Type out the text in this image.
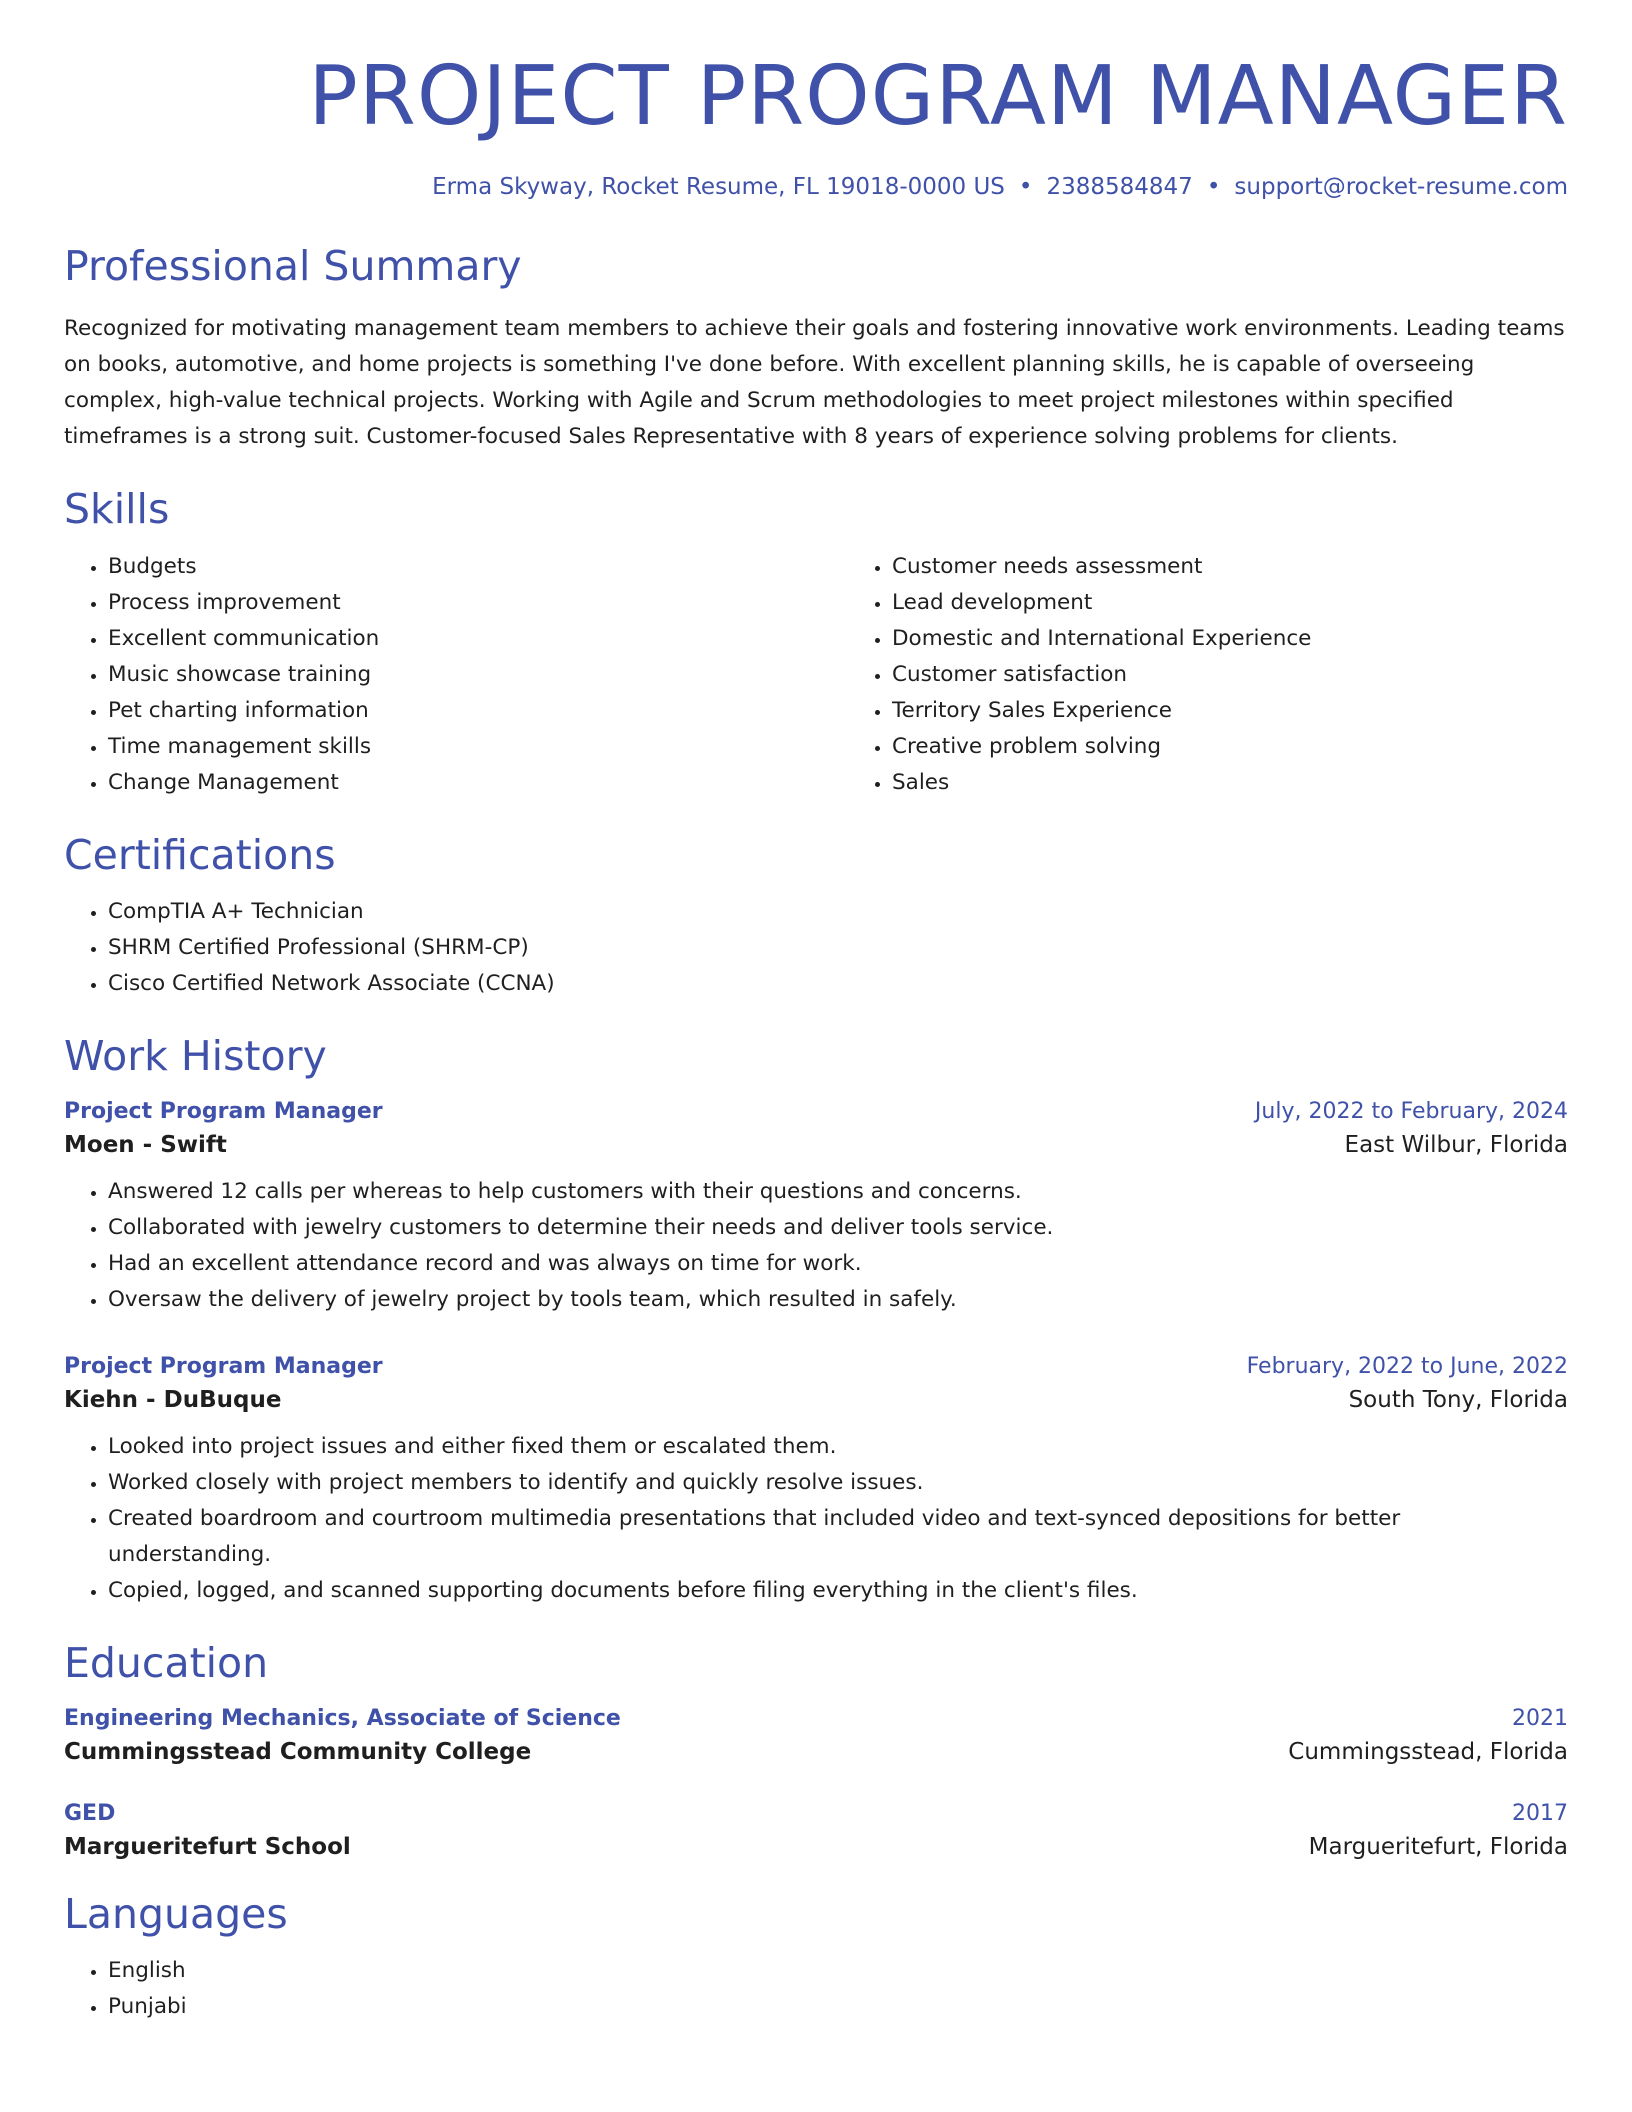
PROJECT PROGRAM MANAGER
Erma Skyway, Rocket Resume, FL 19018-0000 US • 2388584847 • support@rocket-resume.com
Professional Summary
Recognized for motivating management team members to achieve their goals and fostering innovative work environments. Leading teams on books, automotive, and home projects is something I've done before. With excellent planning skills, he is capable of overseeing complex, high-value technical projects. Working with Agile and Scrum methodologies to meet project milestones within specified timeframes is a strong suit. Customer-focused Sales Representative with 8 years of experience solving problems for clients.
Skills
• Budgets
• Process improvement
• Excellent communication
• Music showcase training
• Pet charting information
• Time management skills
• Change Management
• Customer needs assessment
• Lead development
• Domestic and International Experience
• Customer satisfaction
• Territory Sales Experience
• Creative problem solving
• Sales
Certifications
• CompTIA A+ Technician
• SHRM Certified Professional (SHRM-CP)
• Cisco Certified Network Associate (CCNA)
Work History
Project Program Manager	July, 2022 to February, 2024
Moen - Swift	East Wilbur, Florida
• Answered 12 calls per whereas to help customers with their questions and concerns.
• Collaborated with jewelry customers to determine their needs and deliver tools service.
• Had an excellent attendance record and was always on time for work.
• Oversaw the delivery of jewelry project by tools team, which resulted in safely.
Project Program Manager	February, 2022 to June, 2022
Kiehn - DuBuque	South Tony, Florida
• Looked into project issues and either fixed them or escalated them.
• Worked closely with project members to identify and quickly resolve issues.
• Created boardroom and courtroom multimedia presentations that included video and text-synced depositions for better understanding.
• Copied, logged, and scanned supporting documents before filing everything in the client's files.
Education
Engineering Mechanics, Associate of Science	2021
Cummingsstead Community College	Cummingsstead, Florida
GED	2017
Margueritefurt School	Margueritefurt, Florida
Languages
• English
• Punjabi
